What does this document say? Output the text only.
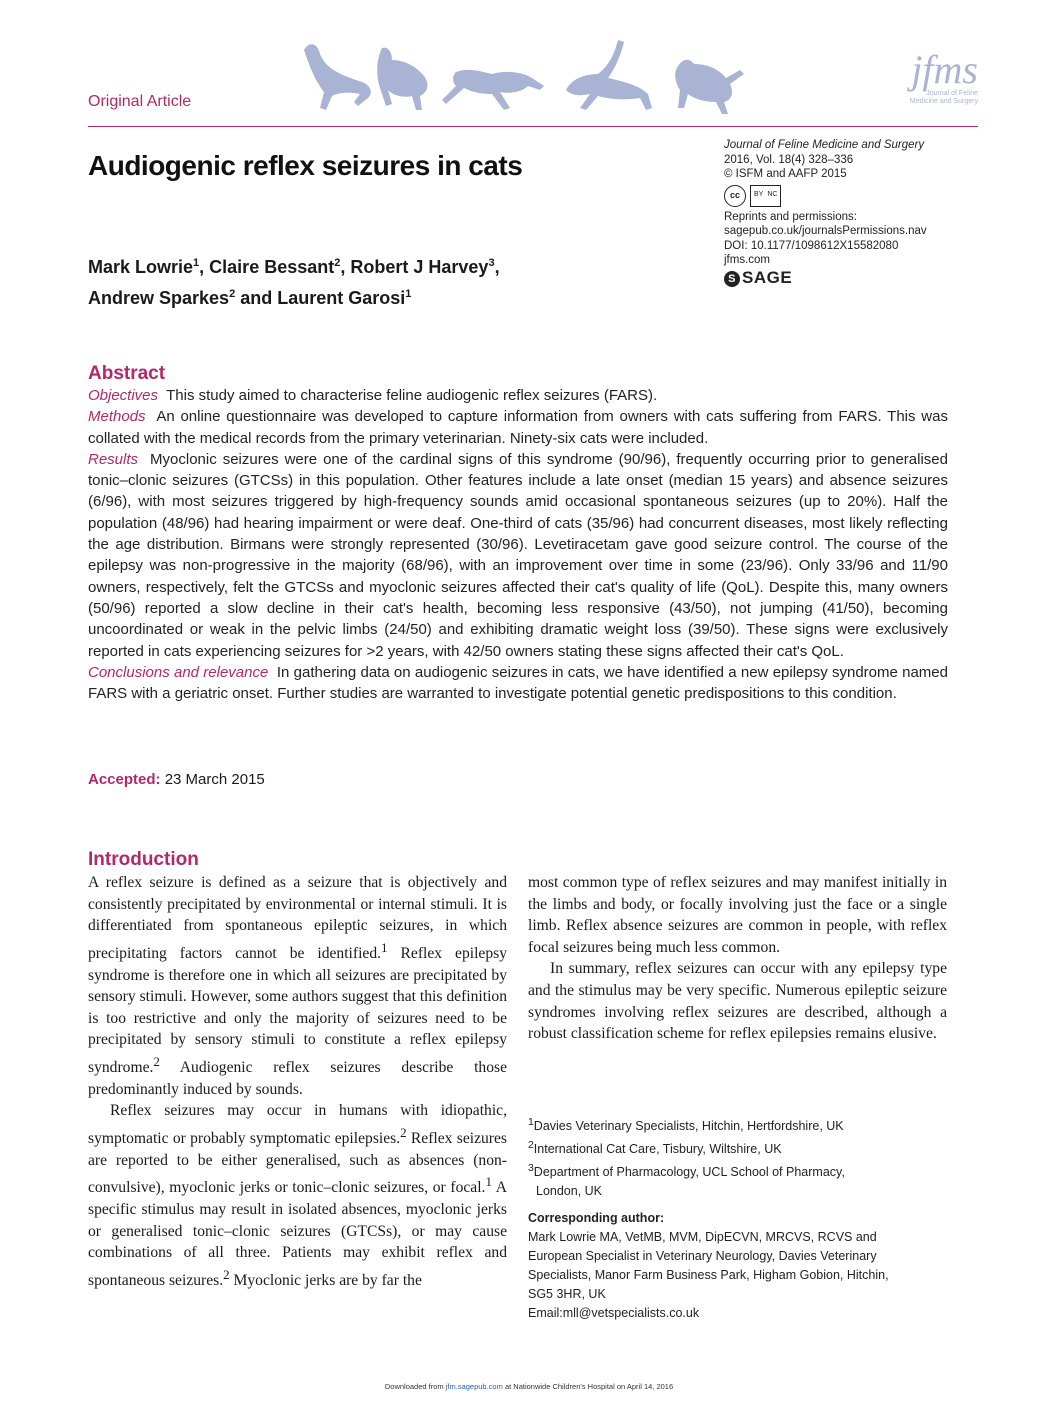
Original Article
jfms
Journal of Feline
Medicine and Surgery
Audiogenic reflex seizures in cats
Journal of Feline Medicine and Surgery
2016, Vol. 18(4) 328–336
© ISFM and AAFP 2015
cc	BY NC
Reprints and permissions:
sagepub.co.uk/journalsPermissions.nav
DOI: 10.1177/1098612X15582080
jfms.com
S SAGE
Mark Lowrie$^1$, Claire Bessant$^2$, Robert J Harvey$^3$,
Andrew Sparkes$^2$ and Laurent Garosi$^1$
Abstract

Objectives This study aimed to characterise feline audiogenic reflex seizures (FARS).

Methods An online questionnaire was developed to capture information from owners with cats suffering from FARS. This was collated with the medical records from the primary veterinarian. Ninety-six cats were included.

Results Myoclonic seizures were one of the cardinal signs of this syndrome (90/96), frequently occurring prior to generalised tonic–clonic seizures (GTCSs) in this population. Other features include a late onset (median 15 years) and absence seizures (6/96), with most seizures triggered by high-frequency sounds amid occasional spontaneous seizures (up to 20%). Half the population (48/96) had hearing impairment or were deaf. One-third of cats (35/96) had concurrent diseases, most likely reflecting the age distribution. Birmans were strongly represented (30/96). Levetiracetam gave good seizure control. The course of the epilepsy was non-progressive in the majority (68/96), with an improvement over time in some (23/96). Only 33/96 and 11/90 owners, respectively, felt the GTCSs and myoclonic seizures affected their cat's quality of life (QoL). Despite this, many owners (50/96) reported a slow decline in their cat's health, becoming less responsive (43/50), not jumping (41/50), becoming uncoordinated or weak in the pelvic limbs (24/50) and exhibiting dramatic weight loss (39/50). These signs were exclusively reported in cats experiencing seizures for >2 years, with 42/50 owners stating these signs affected their cat's QoL.

Conclusions and relevance In gathering data on audiogenic seizures in cats, we have identified a new epilepsy syndrome named FARS with a geriatric onset. Further studies are warranted to investigate potential genetic predispositions to this condition.

Accepted: 23 March 2015
Introduction

A reflex seizure is defined as a seizure that is objectively and consistently precipitated by environmental or internal stimuli. It is differentiated from spontaneous epileptic seizures, in which precipitating factors cannot be identified.$^1$ Reflex epilepsy syndrome is therefore one in which all seizures are precipitated by sensory stimuli. However, some authors suggest that this definition is too restrictive and only the majority of seizures need to be precipitated by sensory stimuli to constitute a reflex epilepsy syndrome.$^2$ Audiogenic reflex seizures describe those predominantly induced by sounds.

Reflex seizures may occur in humans with idiopathic, symptomatic or probably symptomatic epilepsies.$^2$ Reflex seizures are reported to be either generalised, such as absences (non-convulsive), myoclonic jerks or tonic–clonic seizures, or focal.$^1$ A specific stimulus may result in isolated absences, myoclonic jerks or generalised tonic–clonic seizures (GTCSs), or may cause combinations of all three. Patients may exhibit reflex and spontaneous seizures.$^2$ Myoclonic jerks are by far the

most common type of reflex seizures and may manifest initially in the limbs and body, or focally involving just the face or a single limb. Reflex absence seizures are common in people, with reflex focal seizures being much less common.

In summary, reflex seizures can occur with any epilepsy type and the stimulus may be very specific. Numerous epileptic seizure syndromes involving reflex seizures are described, although a robust classification scheme for reflex epilepsies remains elusive.

$^1$Davies Veterinary Specialists, Hitchin, Hertfordshire, UK

$^2$International Cat Care, Tisbury, Wiltshire, UK

$^3$Department of Pharmacology, UCL School of Pharmacy,

London, UK

Corresponding author:

Mark Lowrie MA, VetMB, MVM, DipECVN, MRCVS, RCVS and

European Specialist in Veterinary Neurology, Davies Veterinary

Specialists, Manor Farm Business Park, Higham Gobion, Hitchin,

SG5 3HR, UK

Email:mll@vetspecialists.co.uk

Downloaded from jfm.sagepub.com at Nationwide Children's Hospital on April 14, 2016
